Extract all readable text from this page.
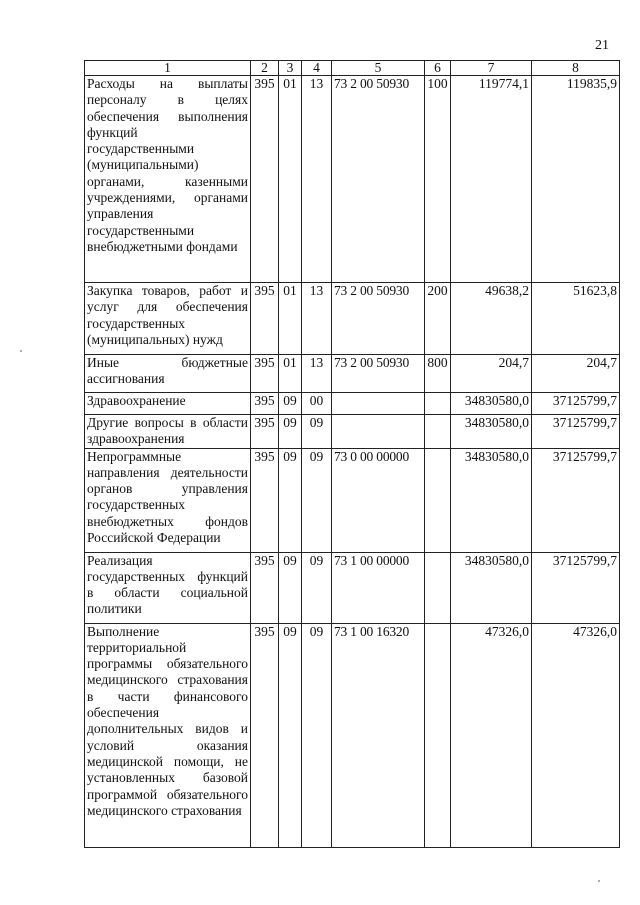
21
1	2	3	4	5	6	7	8
Расходы на выплаты персоналу в целях обеспечения выполнения функций государственными (муниципальными) органами, казенными учреждениями, органами управления государственными внебюджетными фондами	395	01	13	73 2 00 50930	100	119774,1	119835,9
Закупка товаров, работ и услуг для обеспечения государственных (муниципальных) нужд	395	01	13	73 2 00 50930	200	49638,2	51623,8
Иные бюджетные ассигнования	395	01	13	73 2 00 50930	800	204,7	204,7
Здравоохранение	395	09	00			34830580,0	37125799,7
Другие вопросы в области здравоохранения	395	09	09			34830580,0	37125799,7
Непрограммные направления деятельности органов управления государственных внебюджетных фондов Российской Федерации	395	09	09	73 0 00 00000		34830580,0	37125799,7
Реализация государственных функций в области социальной политики	395	09	09	73 1 00 00000		34830580,0	37125799,7
Выполнение территориальной программы обязательного медицинского страхования в части финансового обеспечения дополнительных видов и условий оказания медицинской помощи, не установленных базовой программой обязательного медицинского страхования	395	09	09	73 1 00 16320		47326,0	47326,0
